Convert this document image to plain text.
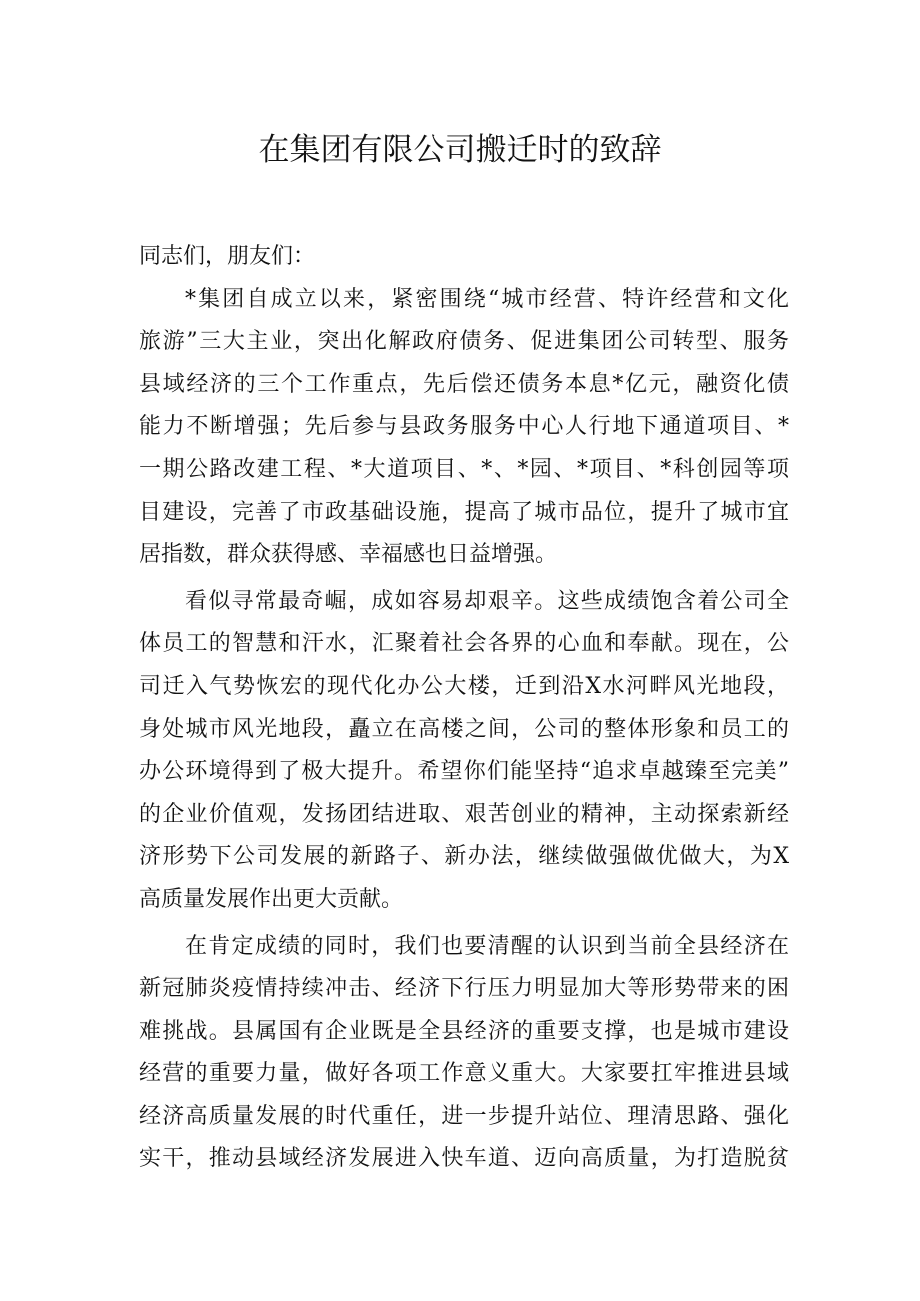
在集团有限公司搬迁时的致辞
同志们，朋友们：
*集团自成立以来，紧密围绕“城市经营、特许经营和文化
旅游”三大主业，突出化解政府债务、促进集团公司转型、服务
县域经济的三个工作重点，先后偿还债务本息*亿元，融资化债
能力不断增强；先后参与县政务服务中心人行地下通道项目、*
一期公路改建工程、*大道项目、*、*园、*项目、*科创园等项
目建设，完善了市政基础设施，提高了城市品位，提升了城市宜
居指数，群众获得感、幸福感也日益增强。
看似寻常最奇崛，成如容易却艰辛。这些成绩饱含着公司全
体员工的智慧和汗水，汇聚着社会各界的心血和奉献。现在，公
司迁入气势恢宏的现代化办公大楼，迁到沿X水河畔风光地段，
身处城市风光地段，矗立在高楼之间，公司的整体形象和员工的
办公环境得到了极大提升。希望你们能坚持“追求卓越臻至完美”
的企业价值观，发扬团结进取、艰苦创业的精神，主动探索新经
济形势下公司发展的新路子、新办法，继续做强做优做大，为X
高质量发展作出更大贡献。
在肯定成绩的同时，我们也要清醒的认识到当前全县经济在
新冠肺炎疫情持续冲击、经济下行压力明显加大等形势带来的困
难挑战。县属国有企业既是全县经济的重要支撑，也是城市建设
经营的重要力量，做好各项工作意义重大。大家要扛牢推进县域
经济高质量发展的时代重任，进一步提升站位、理清思路、强化
实干，推动县域经济发展进入快车道、迈向高质量，为打造脱贫
